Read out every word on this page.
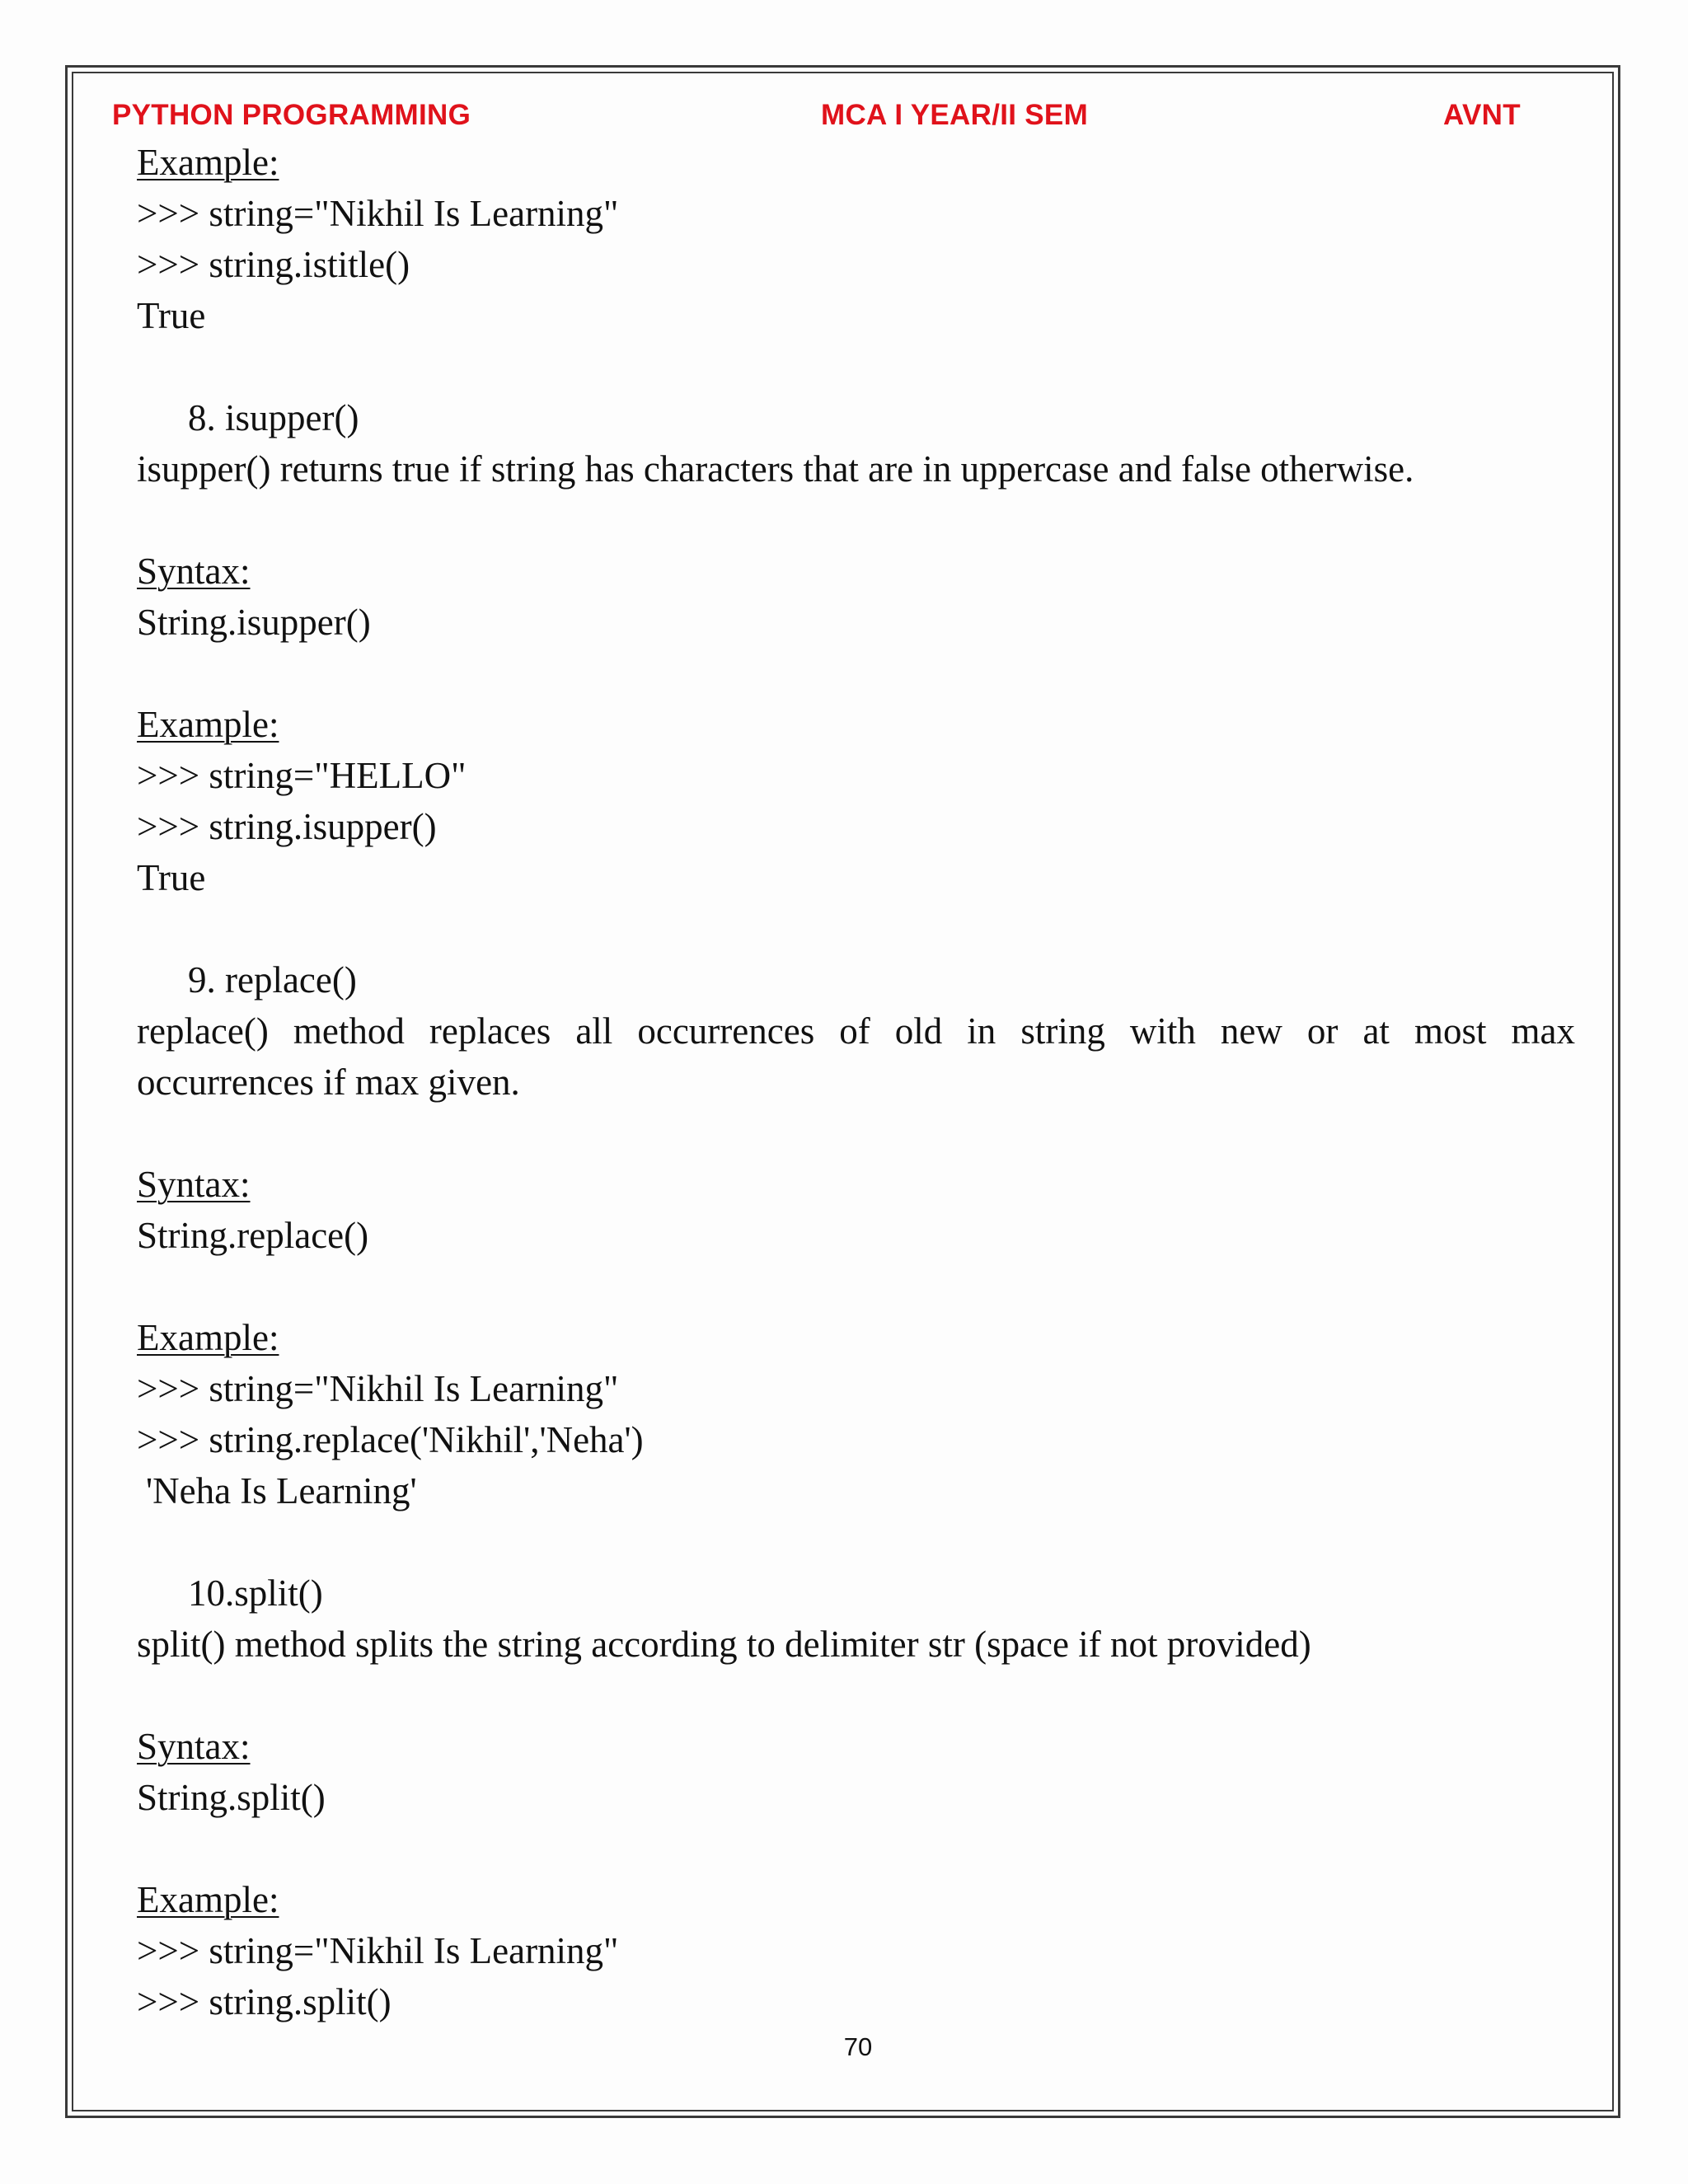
PYTHON PROGRAMMING	MCA I YEAR/II SEM	AVNT
Example:
>>> string="Nikhil Is Learning"
>>> string.istitle()
True
8. isupper()
isupper() returns true if string has characters that are in uppercase and false otherwise.
Syntax:
String.isupper()
Example:
>>> string="HELLO"
>>> string.isupper()
True
9. replace()
replace() method replaces all occurrences of old in string with new or at most max
occurrences if max given.
Syntax:
String.replace()
Example:
>>> string="Nikhil Is Learning"
>>> string.replace('Nikhil','Neha')
'Neha Is Learning'
10.split()
split() method splits the string according to delimiter str (space if not provided)
Syntax:
String.split()
Example:
>>> string="Nikhil Is Learning"
>>> string.split()
70
